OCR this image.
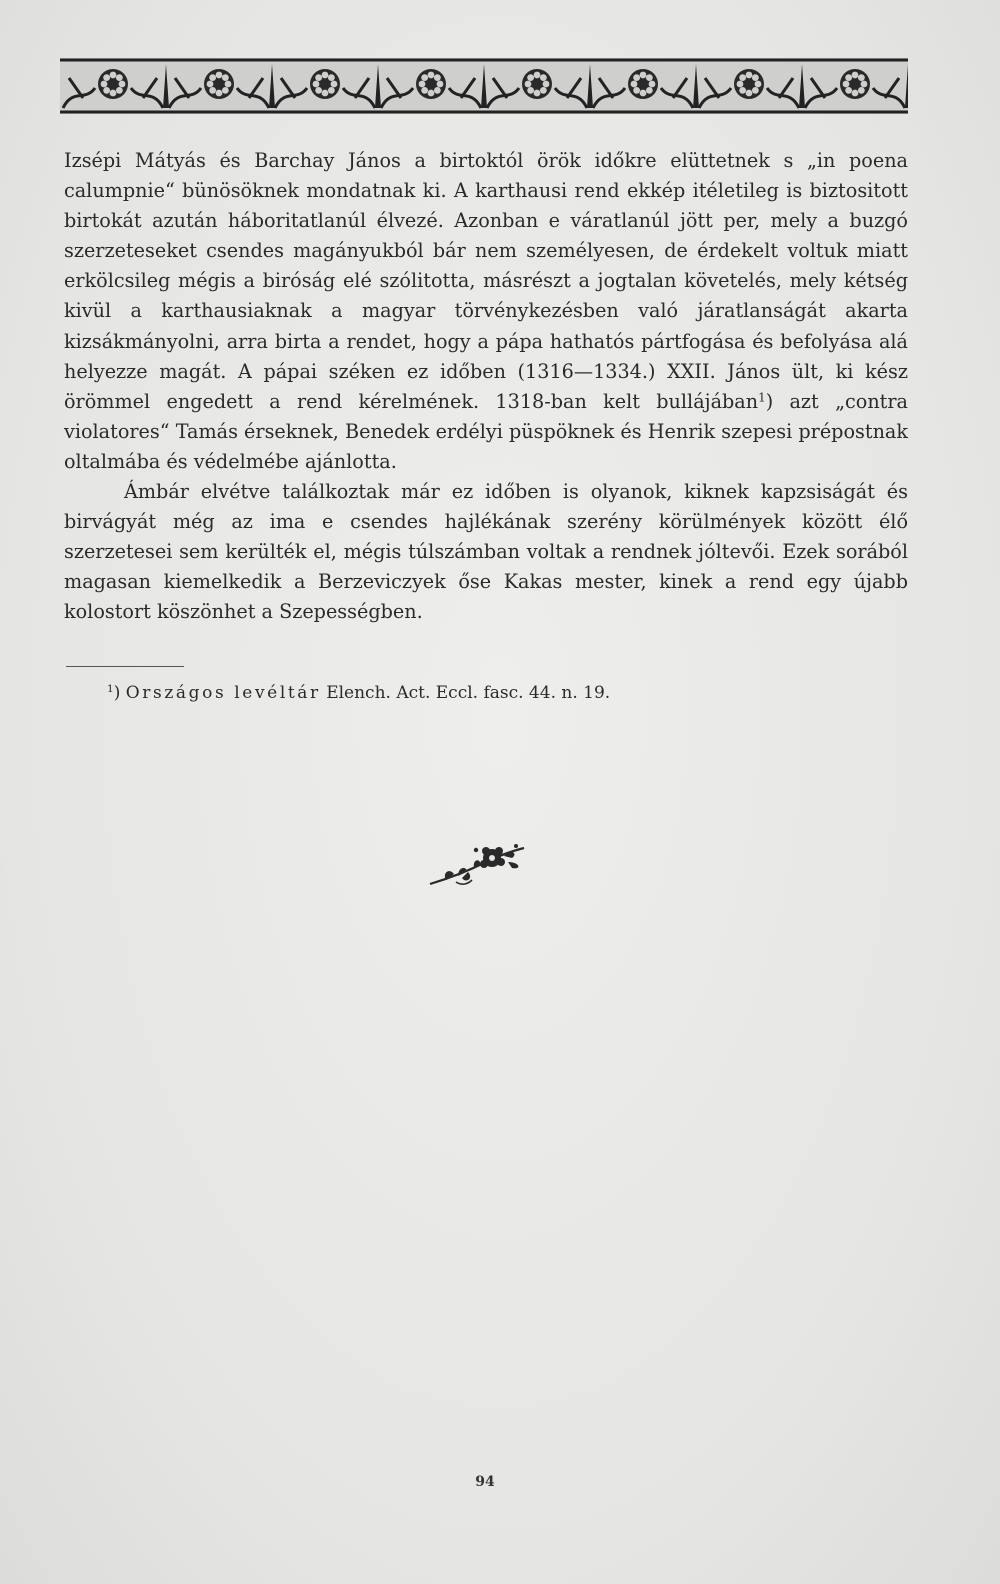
Izsépi Mátyás és Barchay János a birtoktól örök időkre elüttetnek s „in poena calumpnie“ bünösöknek mondatnak ki. A karthausi rend ekkép itéletileg is biztositott birtokát azután háboritatlanúl élvezé. Azonban e váratlanúl jött per, mely a buzgó szerzeteseket csendes magányukból bár nem személyesen, de érdekelt voltuk miatt erkölcsileg mégis a biróság elé szólitotta, másrészt a jogtalan követelés, mely kétség kivül a karthausiaknak a magyar törvénykezésben való járatlanságát akarta kizsákmányolni, arra birta a rendet, hogy a pápa hathatós pártfogása és befolyása alá helyezze magát. A pápai széken ez időben (1316—1334.) XXII. János ült, ki kész örömmel engedett a rend kérelmének. 1318-ban kelt bullájában$^1$) azt „contra violatores“ Tamás érseknek, Benedek erdélyi püspöknek és Henrik szepesi prépostnak oltalmába és védelmébe ajánlotta.

Ámbár elvétve találkoztak már ez időben is olyanok, kiknek kapzsiságát és birvágyát még az ima e csendes hajlékának szerény körülmények között élő szerzetesei sem kerülték el, mégis túlszámban voltak a rendnek jóltevői. Ezek sorából magasan kiemelkedik a Berzeviczyek őse Kakas mester, kinek a rend egy újabb kolostort köszönhet a Szepességben.

$^1$) Országos levéltár Elench. Act. Eccl. fasc. 44. n. 19.
94
